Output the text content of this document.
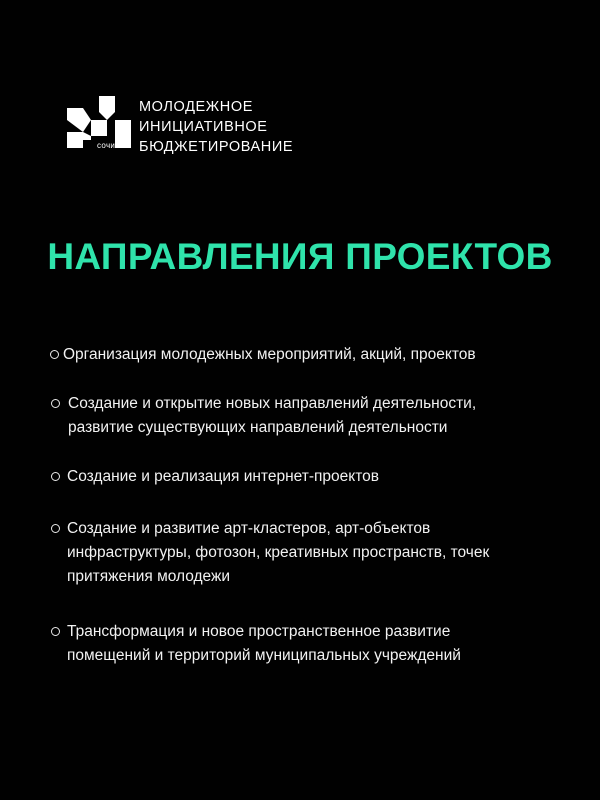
сочи
МОЛОДЕЖНОЕ
ИНИЦИАТИВНОЕ
БЮДЖЕТИРОВАНИЕ
НАПРАВЛЕНИЯ ПРОЕКТОВ
Организация молодежных мероприятий, акций, проектов
Создание и открытие новых направлений деятельности,
развитие существующих направлений деятельности
Создание и реализация интернет-проектов
Создание и развитие арт-кластеров, арт-объектов
инфраструктуры, фотозон, креативных пространств, точек
притяжения молодежи
Трансформация и новое пространственное развитие
помещений и территорий муниципальных учреждений
